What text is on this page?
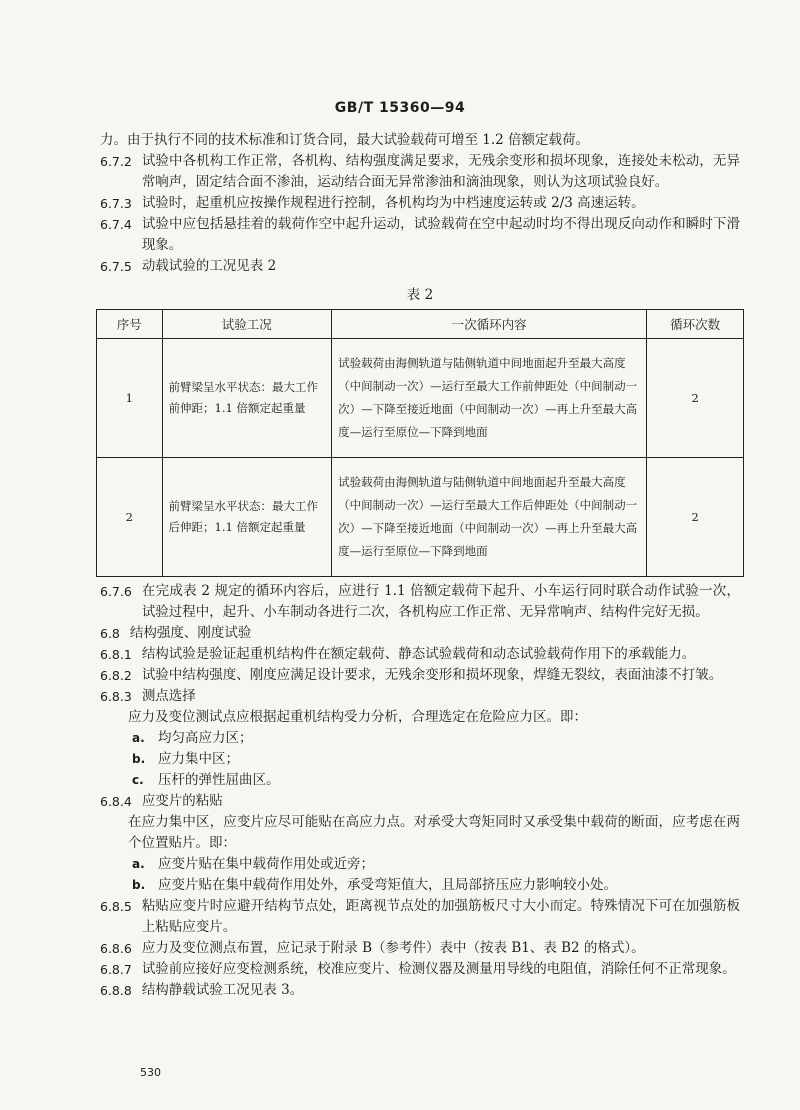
GB/T 15360—94

力。由于执行不同的技术标准和订货合同，最大试验载荷可增至 1.2 倍额定载荷。

6.7.2 试验中各机构工作正常，各机构、结构强度满足要求，无残余变形和损坏现象，连接处未松动，无异常响声，固定结合面不渗油，运动结合面无异常渗油和滴油现象，则认为这项试验良好。
6.7.3 试验时，起重机应按操作规程进行控制，各机构均为中档速度运转或 2/3 高速运转。
6.7.4 试验中应包括悬挂着的载荷作空中起升运动，试验载荷在空中起动时均不得出现反向动作和瞬时下滑现象。
6.7.5 动载试验的工况见表 2
表 2
序号	试验工况	一次循环内容	循环次数
1	前臂梁呈水平状态：最大工作前伸距；1.1 倍额定起重量	试验载荷由海侧轨道与陆侧轨道中间地面起升至最大高度（中间制动一次）—运行至最大工作前伸距处（中间制动一次）—下降至接近地面（中间制动一次）—再上升至最大高度—运行至原位—下降到地面	2
2	前臂梁呈水平状态：最大工作后伸距；1.1 倍额定起重量	试验载荷由海侧轨道与陆侧轨道中间地面起升至最大高度（中间制动一次）—运行至最大工作后伸距处（中间制动一次）—下降至接近地面（中间制动一次）—再上升至最大高度—运行至原位—下降到地面	2
6.7.6 在完成表 2 规定的循环内容后，应进行 1.1 倍额定载荷下起升、小车运行同时联合动作试验一次，试验过程中，起升、小车制动各进行二次，各机构应工作正常、无异常响声、结构件完好无损。
6.8 结构强度、刚度试验
6.8.1 结构试验是验证起重机结构件在额定载荷、静态试验载荷和动态试验载荷作用下的承载能力。
6.8.2 试验中结构强度、刚度应满足设计要求，无残余变形和损坏现象，焊缝无裂纹，表面油漆不打皱。
6.8.3 测点选择

应力及变位测试点应根据起重机结构受力分析，合理选定在危险应力区。即：

a. 均匀高应力区；
b. 应力集中区；
c.	压杆的弹性屈曲区。
6.8.4 应变片的粘贴

在应力集中区，应变片应尽可能贴在高应力点。对承受大弯矩同时又承受集中载荷的断面，应考虑在两个位置贴片。即：

a. 应变片贴在集中载荷作用处或近旁；
b. 应变片贴在集中载荷作用处外，承受弯矩值大，且局部挤压应力影响较小处。
6.8.5 粘贴应变片时应避开结构节点处，距离视节点处的加强筋板尺寸大小而定。特殊情况下可在加强筋板上粘贴应变片。
6.8.6 应力及变位测点布置，应记录于附录 B（参考件）表中（按表 B1、表 B2 的格式）。
6.8.7 试验前应接好应变检测系统，校准应变片、检测仪器及测量用导线的电阻值，消除任何不正常现象。
6.8.8 结构静载试验工况见表 3。
530
